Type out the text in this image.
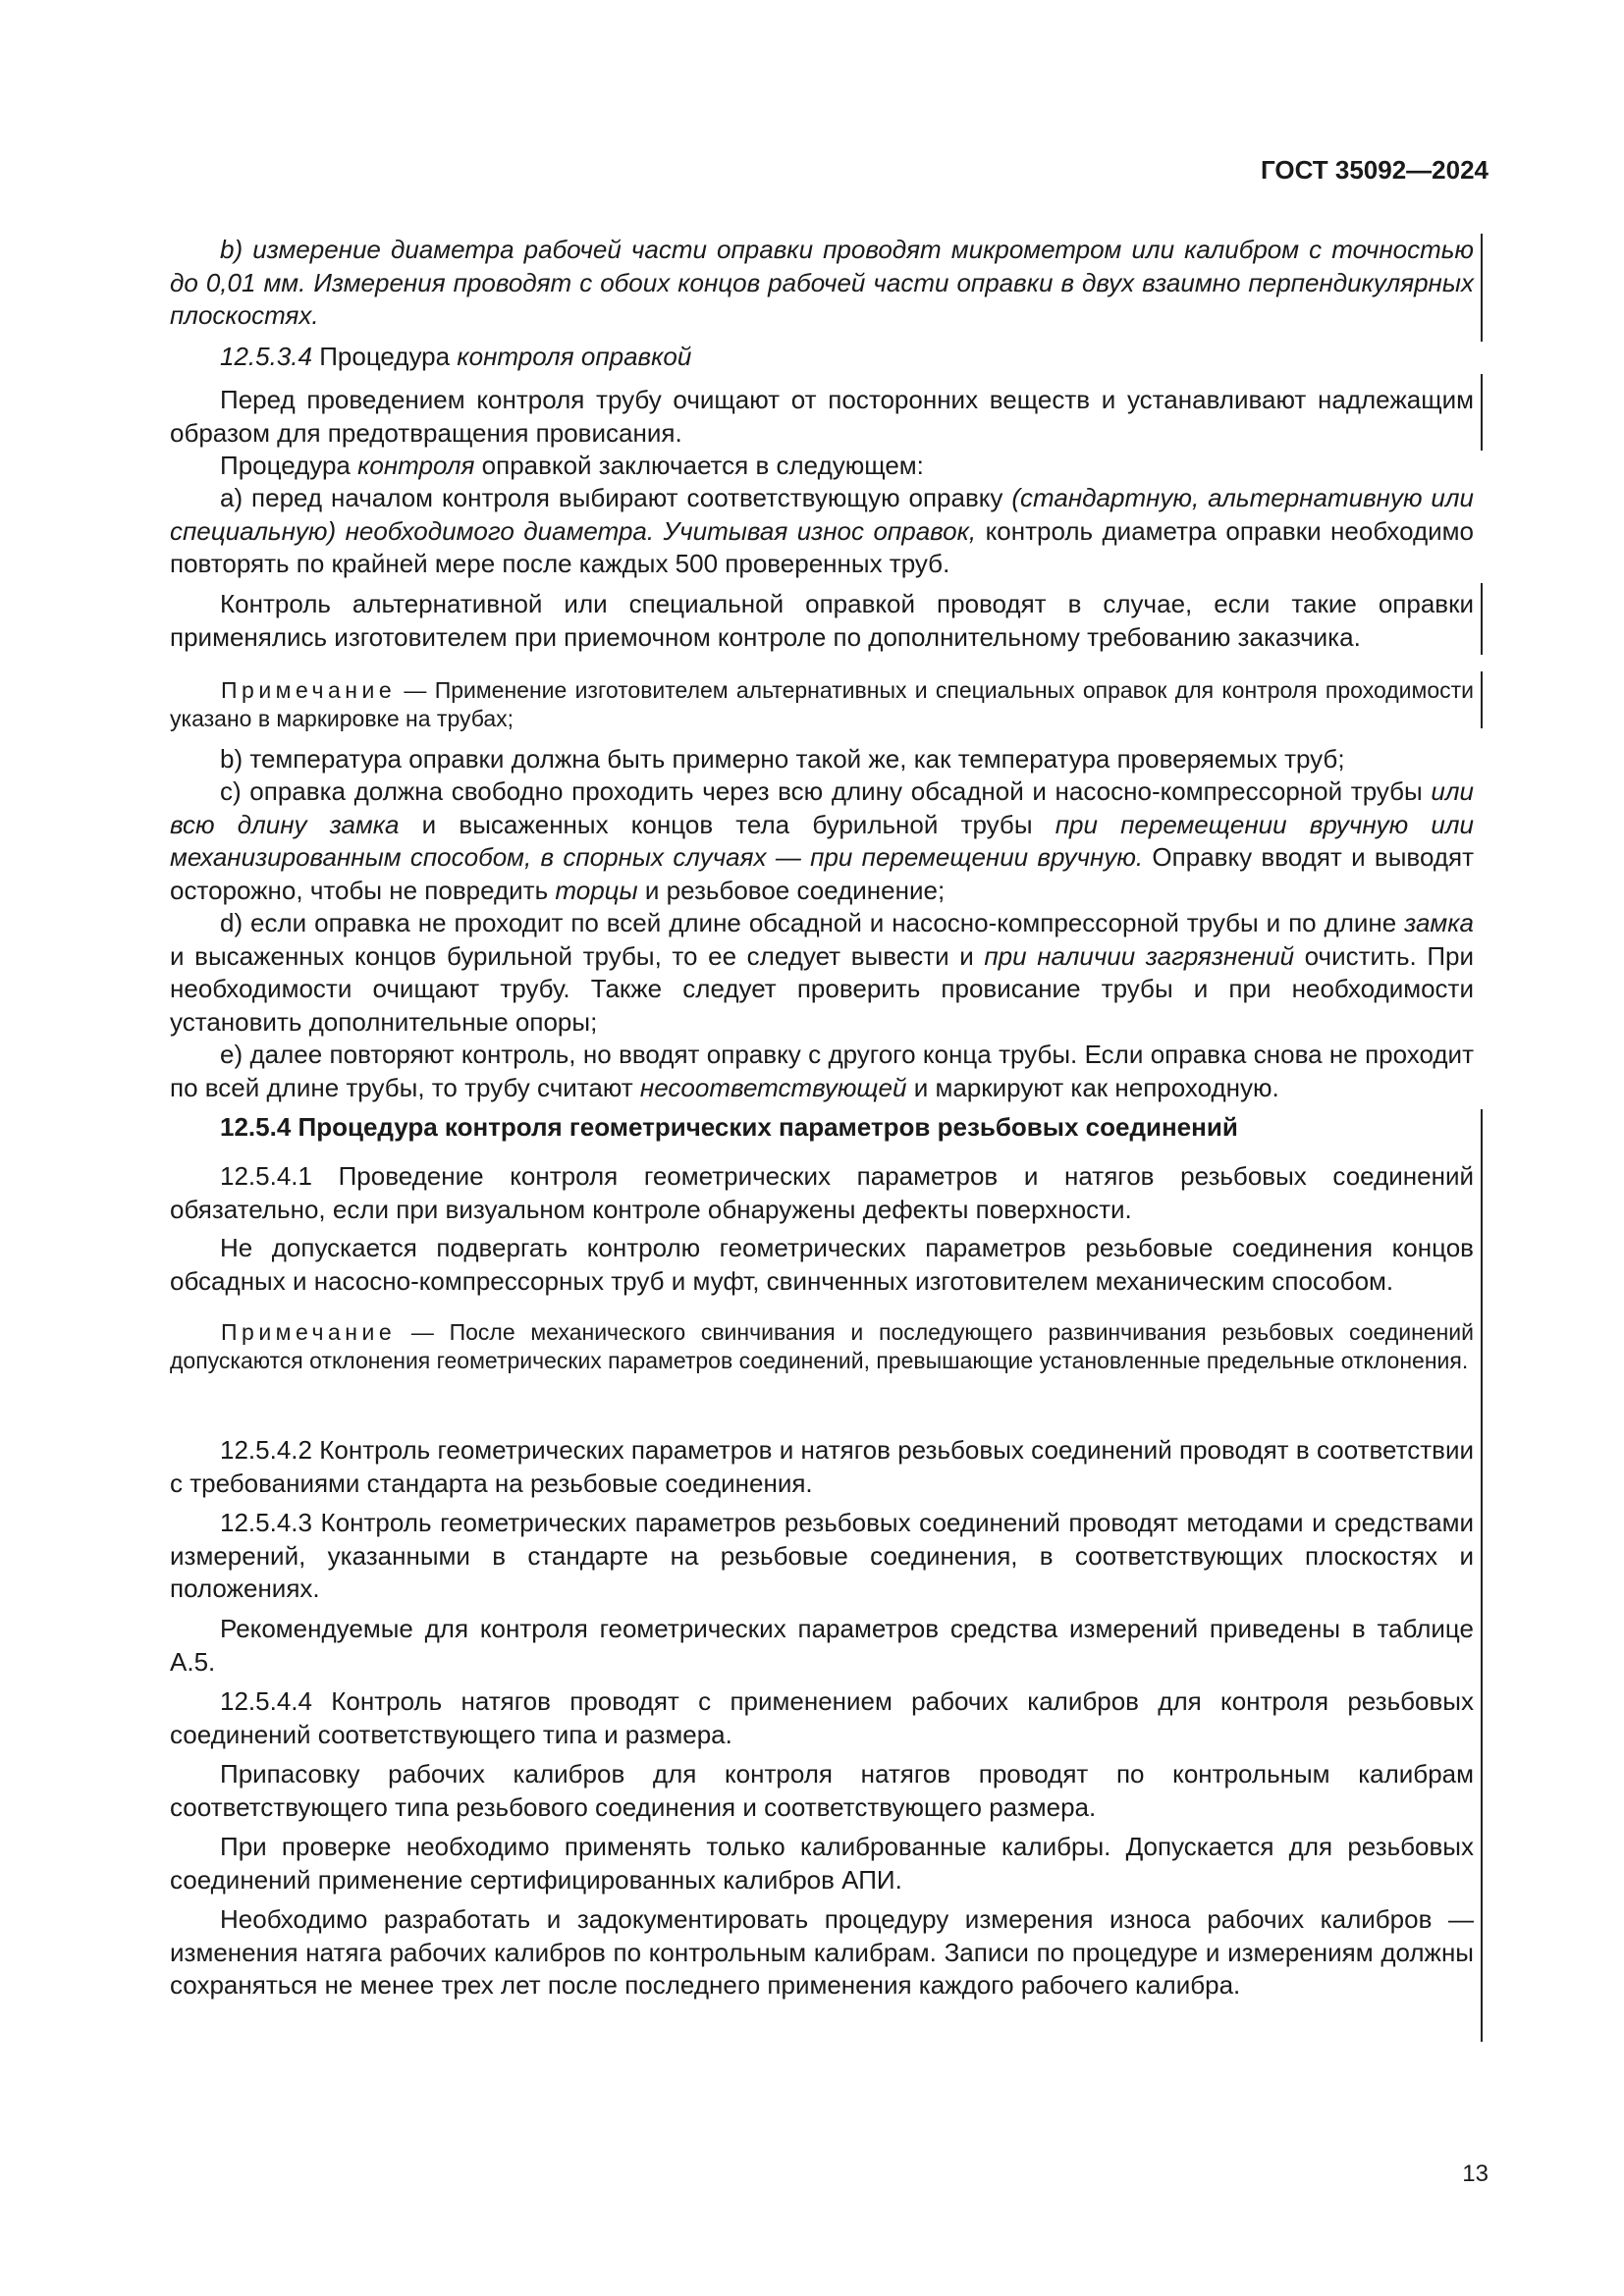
ГОСТ 35092—2024

b) измерение диаметра рабочей части оправки проводят микрометром или калибром с точностью до 0,01 мм. Измерения проводят с обоих концов рабочей части оправки в двух взаимно перпендикулярных плоскостях.

12.5.3.4 Процедура контроля оправкой

Перед проведением контроля трубу очищают от посторонних веществ и устанавливают надлежащим образом для предотвращения провисания.

Процедура контроля оправкой заключается в следующем:

а) перед началом контроля выбирают соответствующую оправку (стандартную, альтернативную или специальную) необходимого диаметра. Учитывая износ оправок, контроль диаметра оправки необходимо повторять по крайней мере после каждых 500 проверенных труб.

Контроль альтернативной или специальной оправкой проводят в случае, если такие оправки применялись изготовителем при приемочном контроле по дополнительному требованию заказчика.

Примечание — Применение изготовителем альтернативных и специальных оправок для контроля проходимости указано в маркировке на трубах;

b) температура оправки должна быть примерно такой же, как температура проверяемых труб;

c) оправка должна свободно проходить через всю длину обсадной и насосно-компрессорной трубы или всю длину замка и высаженных концов тела бурильной трубы при перемещении вручную или механизированным способом, в спорных случаях — при перемещении вручную. Оправку вводят и выводят осторожно, чтобы не повредить торцы и резьбовое соединение;

d) если оправка не проходит по всей длине обсадной и насосно-компрессорной трубы и по длине замка и высаженных концов бурильной трубы, то ее следует вывести и при наличии загрязнений очистить. При необходимости очищают трубу. Также следует проверить провисание трубы и при необходимости установить дополнительные опоры;

е) далее повторяют контроль, но вводят оправку с другого конца трубы. Если оправка снова не проходит по всей длине трубы, то трубу считают несоответствующей и маркируют как непроходную.

12.5.4 Процедура контроля геометрических параметров резьбовых соединений

12.5.4.1 Проведение контроля геометрических параметров и натягов резьбовых соединений обязательно, если при визуальном контроле обнаружены дефекты поверхности.

Не допускается подвергать контролю геометрических параметров резьбовые соединения концов обсадных и насосно-компрессорных труб и муфт, свинченных изготовителем механическим способом.

Примечание — После механического свинчивания и последующего развинчивания резьбовых соединений допускаются отклонения геометрических параметров соединений, превышающие установленные предельные отклонения.

12.5.4.2 Контроль геометрических параметров и натягов резьбовых соединений проводят в соответствии с требованиями стандарта на резьбовые соединения.

12.5.4.3 Контроль геометрических параметров резьбовых соединений проводят методами и средствами измерений, указанными в стандарте на резьбовые соединения, в соответствующих плоскостях и положениях.

Рекомендуемые для контроля геометрических параметров средства измерений приведены в таблице А.5.

12.5.4.4 Контроль натягов проводят с применением рабочих калибров для контроля резьбовых соединений соответствующего типа и размера.

Припасовку рабочих калибров для контроля натягов проводят по контрольным калибрам соответствующего типа резьбового соединения и соответствующего размера.

При проверке необходимо применять только калиброванные калибры. Допускается для резьбовых соединений применение сертифицированных калибров АПИ.

Необходимо разработать и задокументировать процедуру измерения износа рабочих калибров — изменения натяга рабочих калибров по контрольным калибрам. Записи по процедуре и измерениям должны сохраняться не менее трех лет после последнего применения каждого рабочего калибра.

13
